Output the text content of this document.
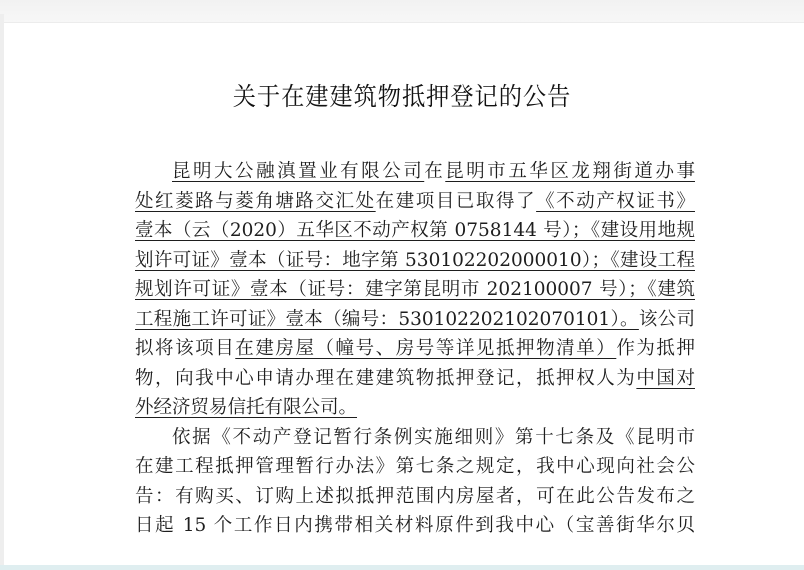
关于在建建筑物抵押登记的公告
昆明大公融滇置业有限公司在昆明市五华区龙翔街道办事
处红菱路与菱角塘路交汇处在建项目已取得了《不动产权证书》
壹本（云（2020）五华区不动产权第 0758144 号）；《建设用地规
划许可证》壹本（证号：地字第 530102202000010）；《建设工程
规划许可证》壹本（证号：建字第昆明市 202100007 号）；《建筑
工程施工许可证》壹本（编号：530102202102070101）。该公司
拟将该项目在建房屋（幢号、房号等详见抵押物清单）作为抵押
物，向我中心申请办理在建建筑物抵押登记，抵押权人为中国对
外经济贸易信托有限公司。
依据《不动产登记暂行条例实施细则》第十七条及《昆明市
在建工程抵押管理暂行办法》第七条之规定，我中心现向社会公
告：有购买、订购上述拟抵押范围内房屋者，可在此公告发布之
日起 15 个工作日内携带相关材料原件到我中心（宝善街华尔贝
